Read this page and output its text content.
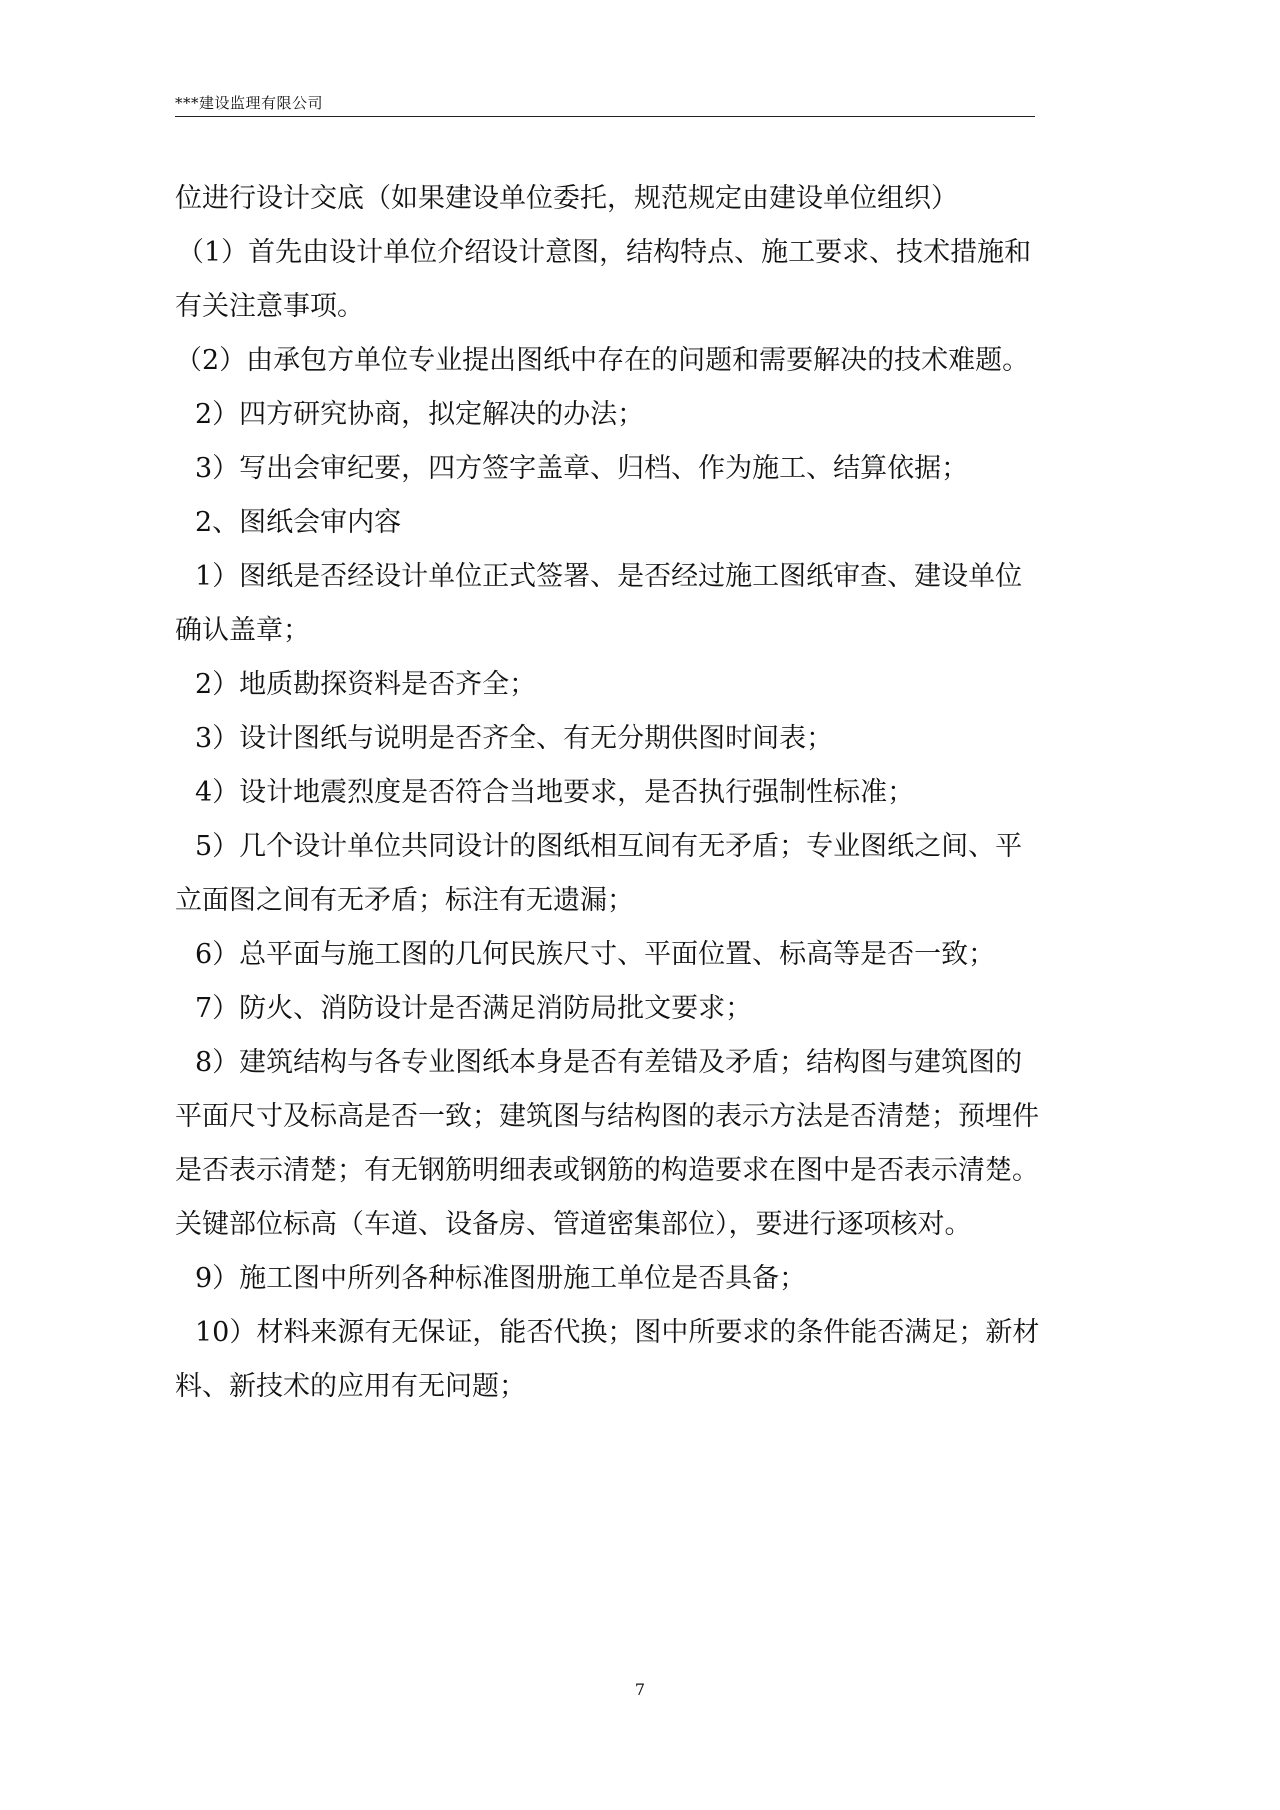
***建设监理有限公司
位进行设计交底（如果建设单位委托，规范规定由建设单位组织）
（1）首先由设计单位介绍设计意图，结构特点、施工要求、技术措施和
有关注意事项。
（2）由承包方单位专业提出图纸中存在的问题和需要解决的技术难题。
2）四方研究协商，拟定解决的办法；
3）写出会审纪要，四方签字盖章、归档、作为施工、结算依据；
2、图纸会审内容
1）图纸是否经设计单位正式签署、是否经过施工图纸审查、建设单位
确认盖章；
2）地质勘探资料是否齐全；
3）设计图纸与说明是否齐全、有无分期供图时间表；
4）设计地震烈度是否符合当地要求，是否执行强制性标准；
5）几个设计单位共同设计的图纸相互间有无矛盾；专业图纸之间、平
立面图之间有无矛盾；标注有无遗漏；
6）总平面与施工图的几何民族尺寸、平面位置、标高等是否一致；
7）防火、消防设计是否满足消防局批文要求；
8）建筑结构与各专业图纸本身是否有差错及矛盾；结构图与建筑图的
平面尺寸及标高是否一致；建筑图与结构图的表示方法是否清楚；预埋件
是否表示清楚；有无钢筋明细表或钢筋的构造要求在图中是否表示清楚。
关键部位标高（车道、设备房、管道密集部位），要进行逐项核对。
9）施工图中所列各种标准图册施工单位是否具备；
10）材料来源有无保证，能否代换；图中所要求的条件能否满足；新材
料、新技术的应用有无问题；
7
